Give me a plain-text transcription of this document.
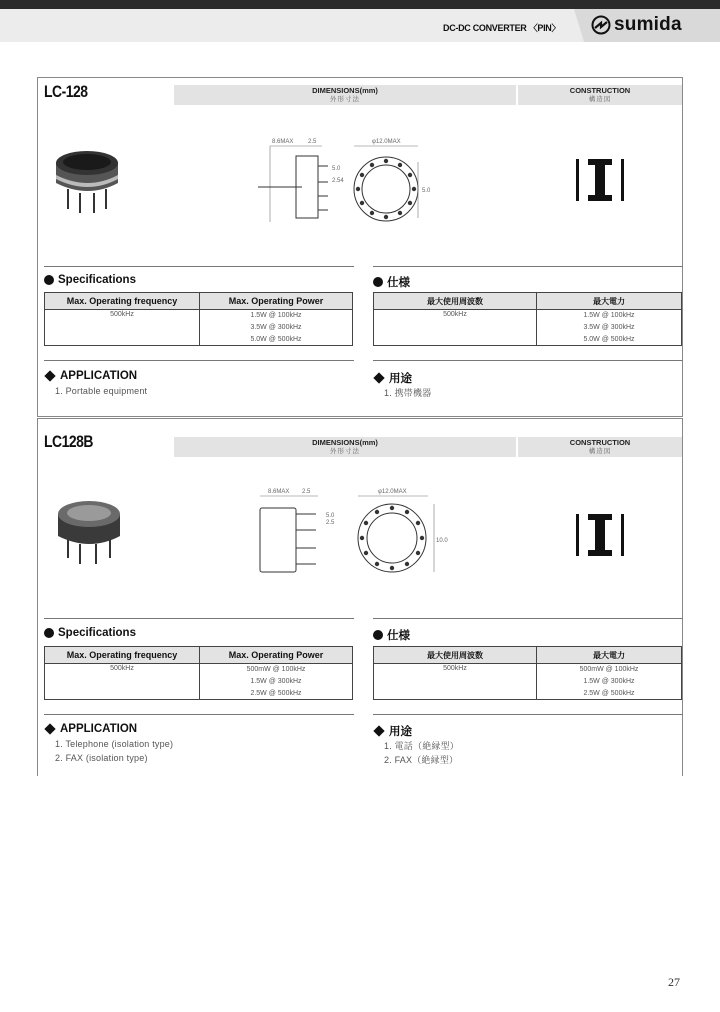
DC-DC CONVERTER 〈PIN〉	sumida
LC-128	DIMENSIONS(mm)
外形寸法
CONSTRUCTION
構造図
8.6MAX 2.5
5.0
2.54
φ12.0MAX
5.0
Specifications
Max. Operating frequency	Max. Operating Power
500kHz	1.5W @ 100kHz
	3.5W @ 300kHz
	5.0W @ 500kHz
仕様
最大使用周波数	最大電力
500kHz	1.5W @ 100kHz
	3.5W @ 300kHz
	5.0W @ 500kHz
APPLICATION
1. Portable equipment
用途
1. 携帯機器
LC128B	DIMENSIONS(mm)
外形寸法
CONSTRUCTION
構造図
8.6MAX 2.5
5.0
2.5
φ12.0MAX
10.0
Specifications
Max. Operating frequency	Max. Operating Power
500kHz	500mW @ 100kHz
	1.5W @ 300kHz
	2.5W @ 500kHz
仕様
最大使用周波数	最大電力
500kHz	500mW @ 100kHz
	1.5W @ 300kHz
	2.5W @ 500kHz
APPLICATION
1. Telephone (isolation type)
2. FAX (isolation type)
用途
1. 電話（絶縁型）
2. FAX（絶縁型）
27
